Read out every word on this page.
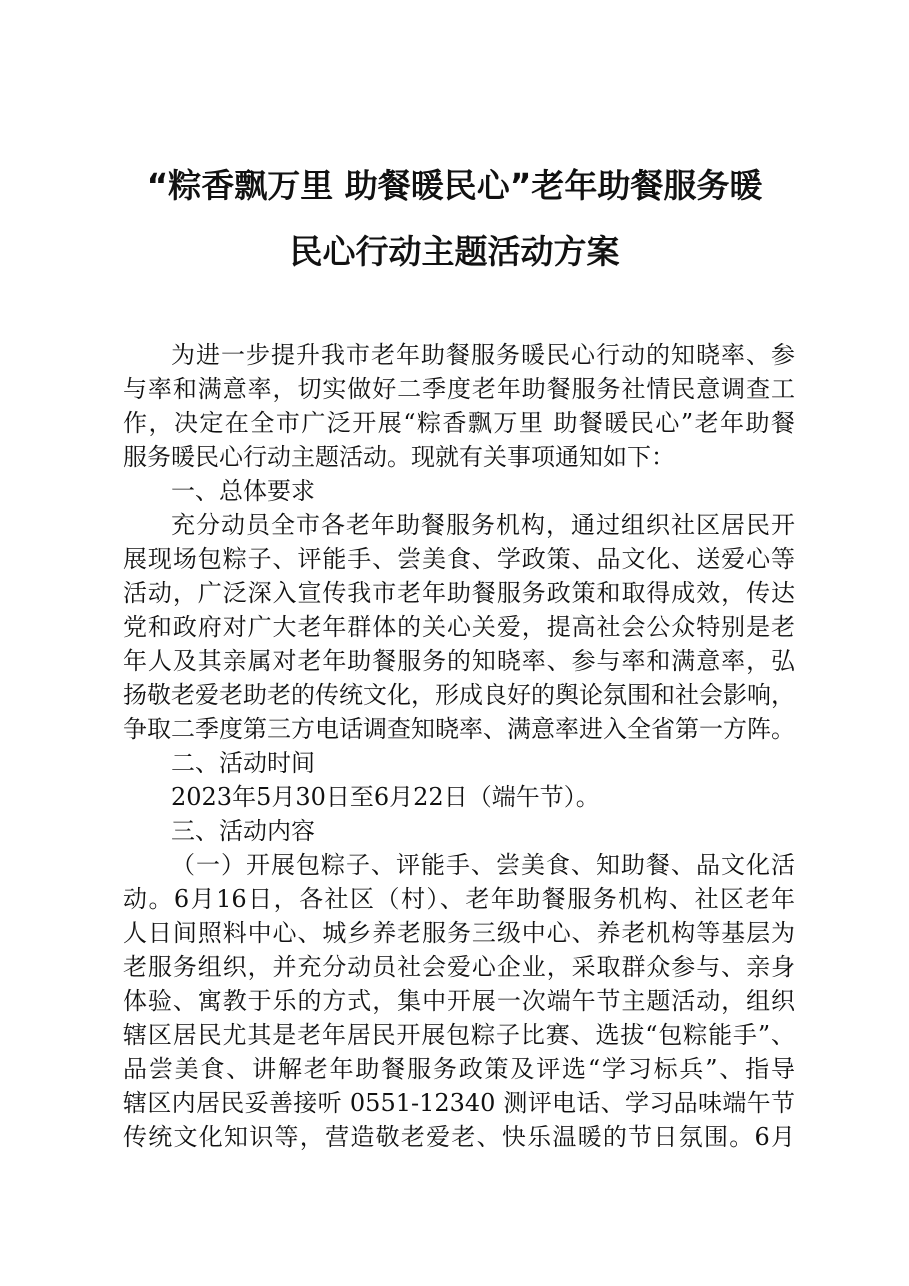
“粽香飘万里 助餐暖民心”老年助餐服务暖
民心行动主题活动方案
为进一步提升我市老年助餐服务暖民心行动的知晓率、参
与率和满意率，切实做好二季度老年助餐服务社情民意调查工
作，决定在全市广泛开展“粽香飘万里 助餐暖民心”老年助餐
服务暖民心行动主题活动。现就有关事项通知如下：
一、总体要求
充分动员全市各老年助餐服务机构，通过组织社区居民开
展现场包粽子、评能手、尝美食、学政策、品文化、送爱心等
活动，广泛深入宣传我市老年助餐服务政策和取得成效，传达
党和政府对广大老年群体的关心关爱，提高社会公众特别是老
年人及其亲属对老年助餐服务的知晓率、参与率和满意率，弘
扬敬老爱老助老的传统文化，形成良好的舆论氛围和社会影响，
争取二季度第三方电话调查知晓率、满意率进入全省第一方阵。
二、活动时间
2023年5月30日至6月22日（端午节）。
三、活动内容
（一）开展包粽子、评能手、尝美食、知助餐、品文化活
动。6月16日，各社区（村）、老年助餐服务机构、社区老年
人日间照料中心、城乡养老服务三级中心、养老机构等基层为
老服务组织，并充分动员社会爱心企业，采取群众参与、亲身
体验、寓教于乐的方式，集中开展一次端午节主题活动，组织
辖区居民尤其是老年居民开展包粽子比赛、选拔“包粽能手”、
品尝美食、讲解老年助餐服务政策及评选“学习标兵”、指导
辖区内居民妥善接听 0551-12340 测评电话、学习品味端午节
传统文化知识等，营造敬老爱老、快乐温暖的节日氛围。6月
